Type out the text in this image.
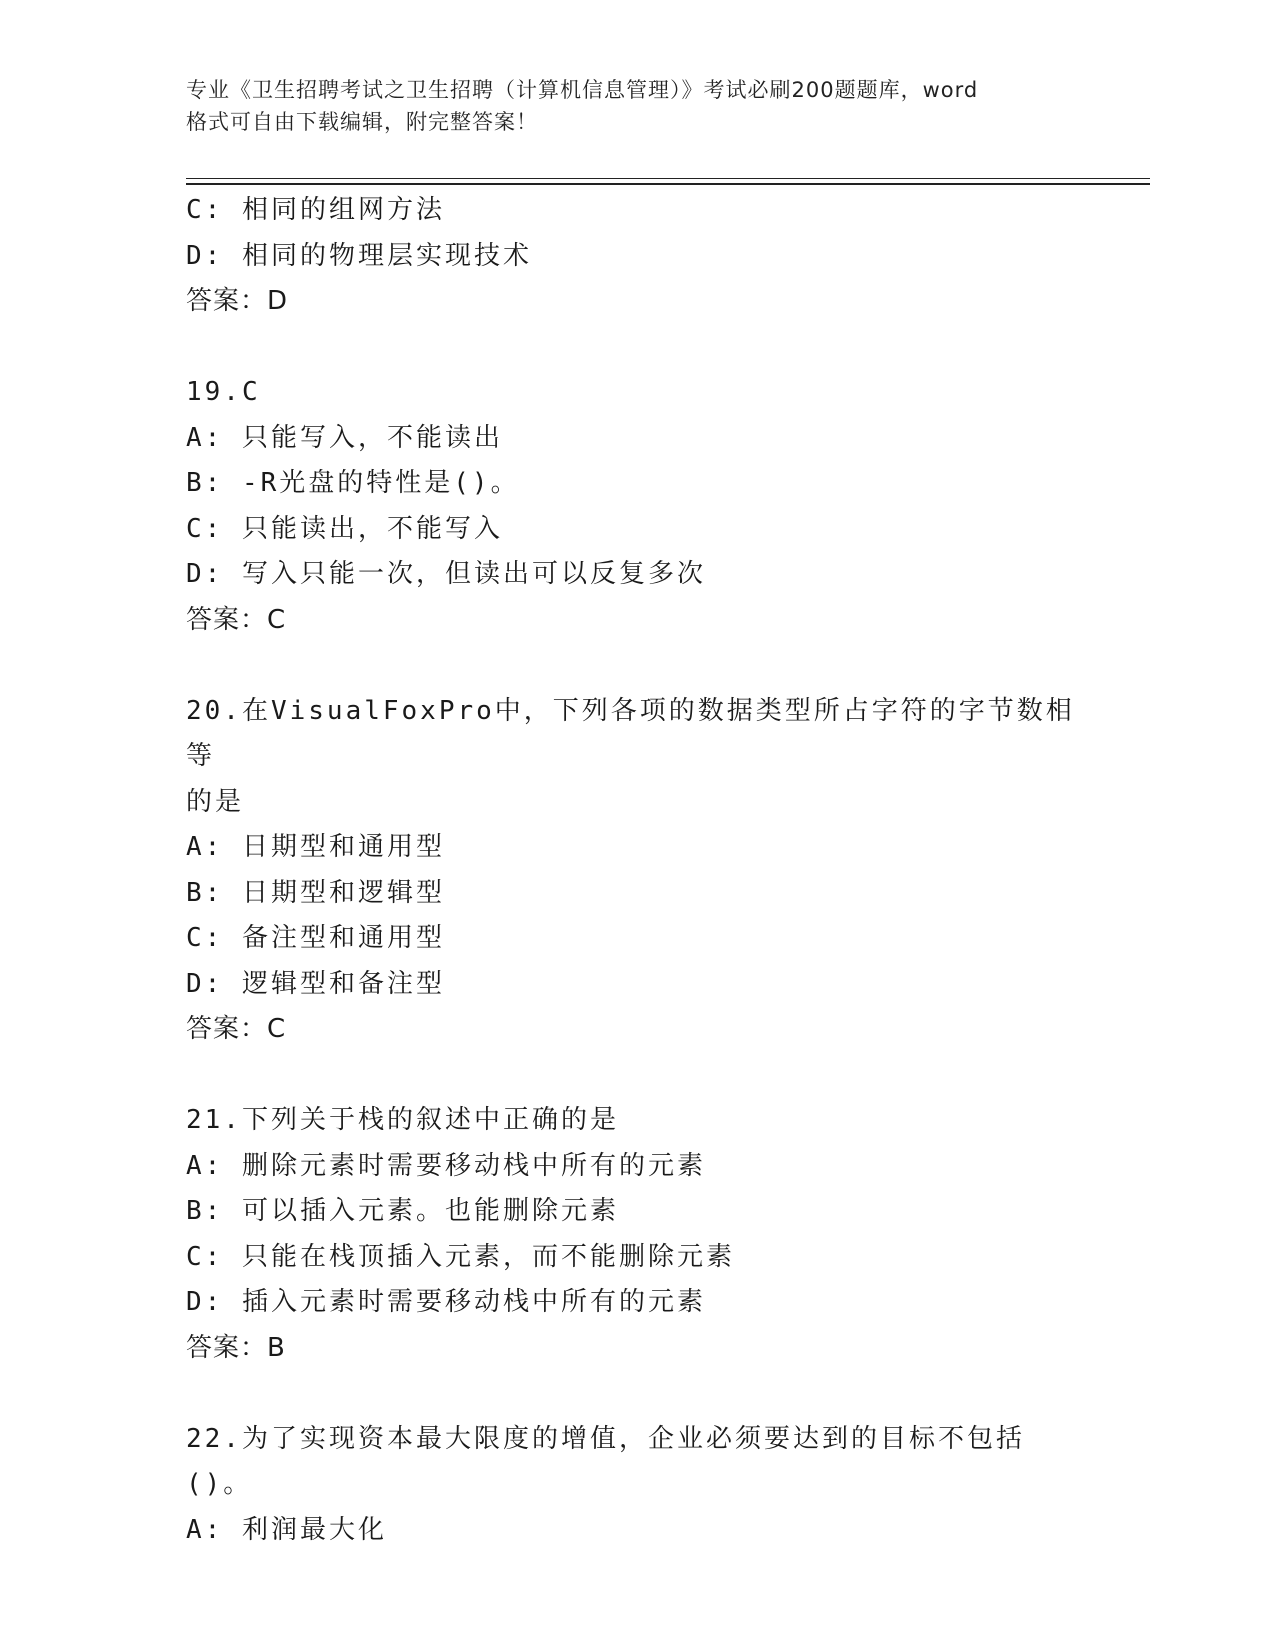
专业《卫生招聘考试之卫生招聘（计算机信息管理）》考试必刷200题题库，word
格式可自由下载编辑，附完整答案！
C: 相同的组网方法
D: 相同的物理层实现技术
答案：D
19.C
A: 只能写入，不能读出
B: -R光盘的特性是()。
C: 只能读出，不能写入
D: 写入只能一次，但读出可以反复多次
答案：C
20.在VisualFoxPro中，下列各项的数据类型所占字符的字节数相等
的是
A: 日期型和通用型
B: 日期型和逻辑型
C: 备注型和通用型
D: 逻辑型和备注型
答案：C
21.下列关于栈的叙述中正确的是
A: 删除元素时需要移动栈中所有的元素
B: 可以插入元素。也能删除元素
C: 只能在栈顶插入元素，而不能删除元素
D: 插入元素时需要移动栈中所有的元素
答案：B
22.为了实现资本最大限度的增值，企业必须要达到的目标不包括()。
A: 利润最大化
